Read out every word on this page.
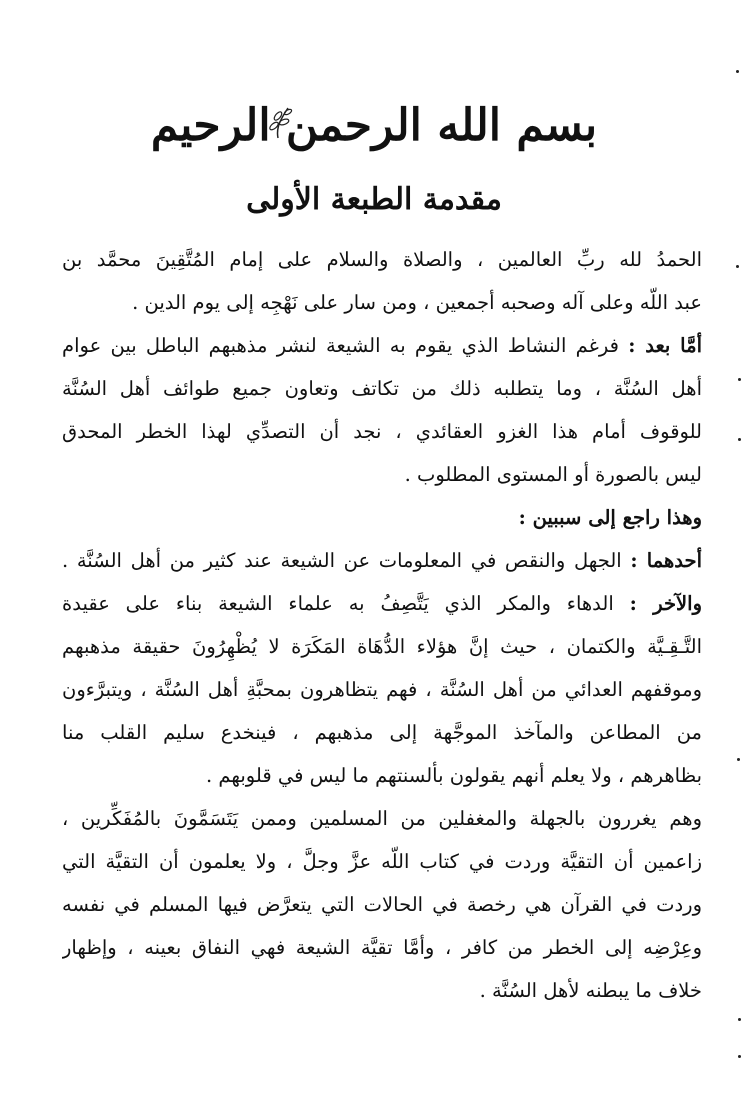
بسم الله الرحمن الرحيم
مقدمة الطبعة الأولى
الحمدُ لله ربِّ العالمين ، والصلاة والسلام على إمام المُتَّقِينَ محمَّد بن
عبد اللّه وعلى آله وصحبه أجمعين ، ومن سار على نَهْجِه إلى يوم الدين .
أمَّا بعد : فرغم النشاط الذي يقوم به الشيعة لنشر مذهبهم الباطل بين عوام
أهل السُنَّة ، وما يتطلبه ذلك من تكاتف وتعاون جميع طوائف أهل السُنَّة
للوقوف أمام هذا الغزو العقائدي ، نجد أن التصدِّي لهذا الخطر المحدق
ليس بالصورة أو المستوى المطلوب .
وهذا راجع إلى سببين :
أحدهما : الجهل والنقص في المعلومات عن الشيعة عند كثير من أهل السُنَّة .
والآخر : الدهاء والمكر الذي يَتَّصِفُ به علماء الشيعة بناء على عقيدة
التَّـقِـيَّة والكتمان ، حيث إنَّ هؤلاء الدُّهَاة المَكَرَة لا يُظْهِرُونَ حقيقة مذهبهم
وموقفهم العدائي من أهل السُنَّة ، فهم يتظاهرون بمحبَّةِ أهل السُنَّة ، ويتبرَّءون
من المطاعن والمآخذ الموجَّهة إلى مذهبهم ، فينخدع سليم القلب منا
بظاهرهم ، ولا يعلم أنهم يقولون بألسنتهم ما ليس في قلوبهم .
وهم يغررون بالجهلة والمغفلين من المسلمين وممن يَتَسَمَّونَ بالمُفَكِّرين ،
زاعمين أن التقيَّة وردت في كتاب اللّه عزَّ وجلَّ ، ولا يعلمون أن التقيَّة التي
وردت في القرآن هي رخصة في الحالات التي يتعرَّض فيها المسلم في نفسه
وعِرْضِه إلى الخطر من كافر ، وأمَّا تقيَّة الشيعة فهي النفاق بعينه ، وإظهار
خلاف ما يبطنه لأهل السُنَّة .
